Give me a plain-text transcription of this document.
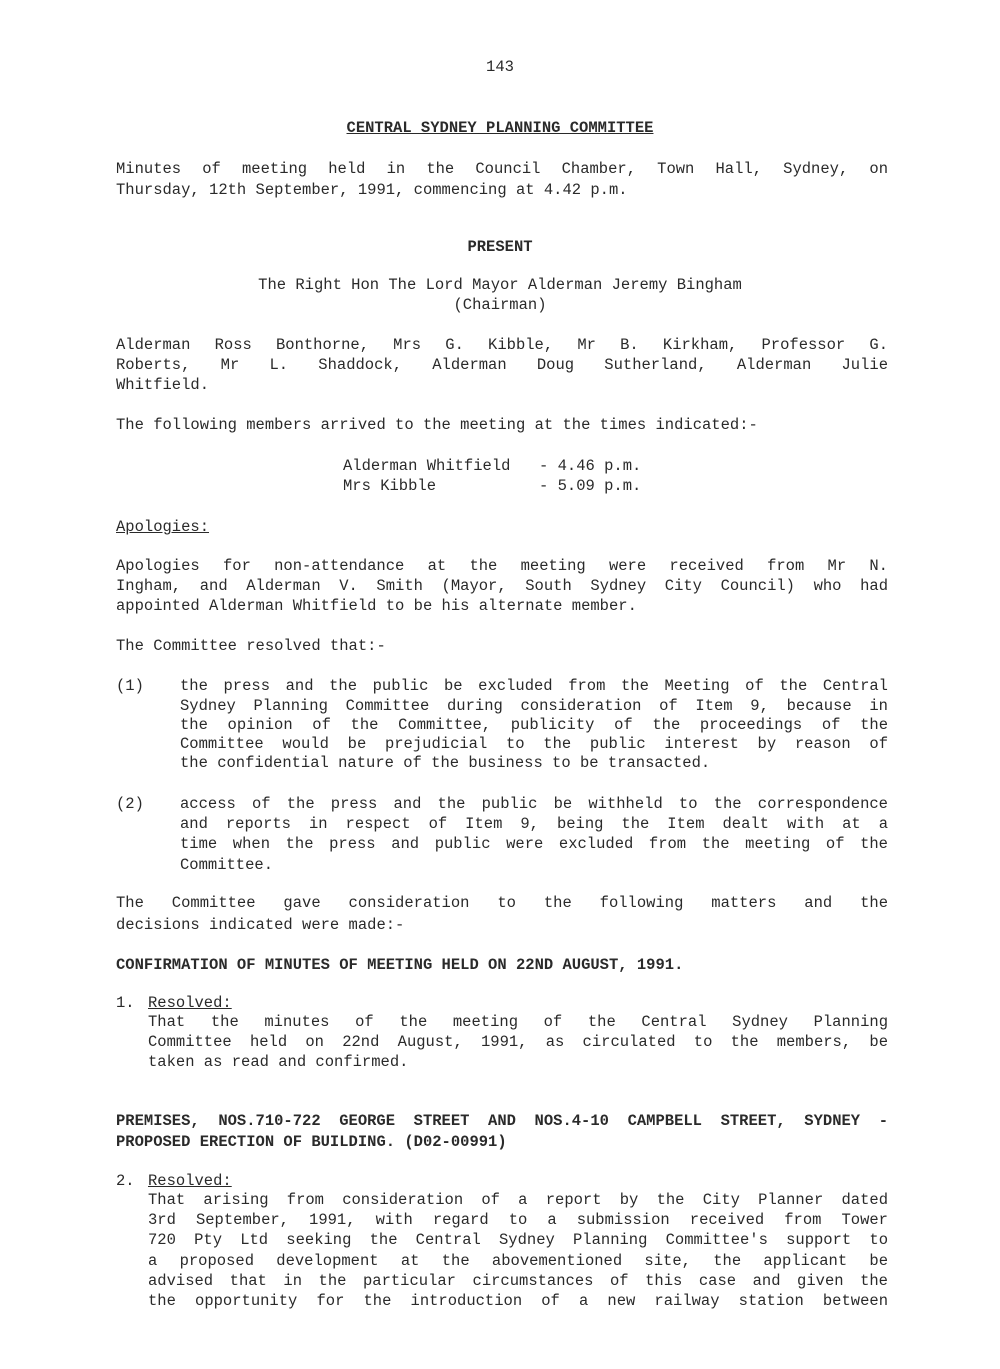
143
CENTRAL SYDNEY PLANNING COMMITTEE
Minutes of meeting held in the Council Chamber, Town Hall, Sydney, on
Thursday, 12th September, 1991, commencing at 4.42 p.m.
PRESENT
The Right Hon The Lord Mayor Alderman Jeremy Bingham
(Chairman)
Alderman Ross Bonthorne, Mrs G. Kibble, Mr B. Kirkham, Professor G.
Roberts, Mr L. Shaddock, Alderman Doug Sutherland, Alderman Julie
Whitfield.
The following members arrived to the meeting at the times indicated:-
Alderman Whitfield - 4.46 p.m.
Mrs Kibble	- 5.09 p.m.
Apologies:
Apologies for non-attendance at the meeting were received from Mr N.
Ingham, and Alderman V. Smith (Mayor, South Sydney City Council) who had
appointed Alderman Whitfield to be his alternate member.
The Committee resolved that:-
(1) the press and the public be excluded from the Meeting of the Central
Sydney Planning Committee during consideration of Item 9, because in
the opinion of the Committee, publicity of the proceedings of the
Committee would be prejudicial to the public interest by reason of
the confidential nature of the business to be transacted.
(2) access of the press and the public be withheld to the correspondence
and reports in respect of Item 9, being the Item dealt with at a
time when the press and public were excluded from the meeting of the
Committee.
The Committee gave consideration to the following matters and the
decisions indicated were made:-
CONFIRMATION OF MINUTES OF MEETING HELD ON 22ND AUGUST, 1991.
1. Resolved:
That the minutes of the meeting of the Central Sydney Planning
Committee held on 22nd August, 1991, as circulated to the members, be
taken as read and confirmed.
PREMISES, NOS.710-722 GEORGE STREET AND NOS.4-10 CAMPBELL STREET, SYDNEY -
PROPOSED ERECTION OF BUILDING. (D02-00991)
2. Resolved:
That arising from consideration of a report by the City Planner dated
3rd September, 1991, with regard to a submission received from Tower
720 Pty Ltd seeking the Central Sydney Planning Committee's support to
a proposed development at the abovementioned site, the applicant be
advised that in the particular circumstances of this case and given the
the opportunity for the introduction of a new railway station between
